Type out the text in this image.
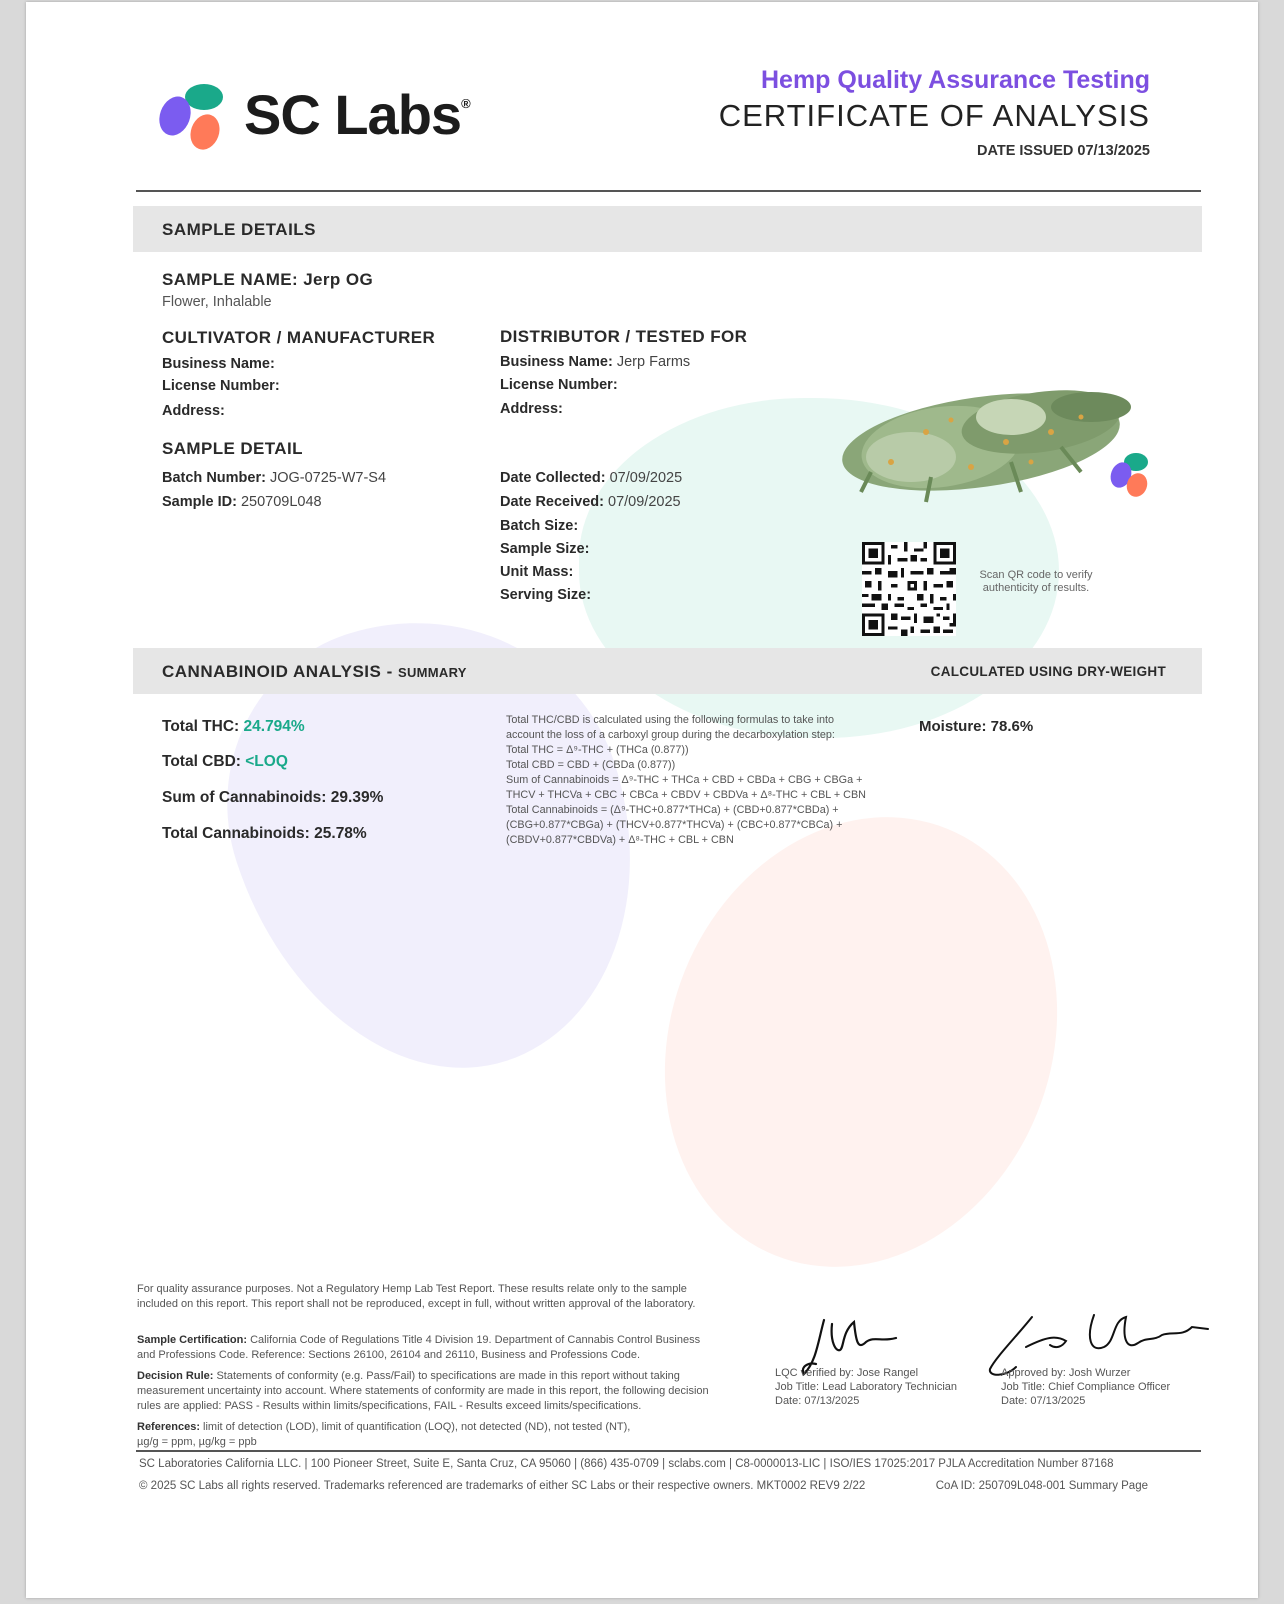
SC Labs®
Hemp Quality Assurance Testing
CERTIFICATE OF ANALYSIS
DATE ISSUED 07/13/2025
SAMPLE DETAILS
SAMPLE NAME: Jerp OG
Flower, Inhalable
CULTIVATOR / MANUFACTURER
Business Name:
License Number:
Address:
DISTRIBUTOR / TESTED FOR
Business Name: Jerp Farms
License Number:
Address:
SAMPLE DETAIL
Batch Number: JOG-0725-W7-S4
Sample ID: 250709L048
Date Collected: 07/09/2025
Date Received: 07/09/2025
Batch Size:
Sample Size:
Unit Mass:
Serving Size:
Scan QR code to verify authenticity of results.
CANNABINOID ANALYSIS - SUMMARY	CALCULATED USING DRY-WEIGHT
Total THC: 24.794%
Total CBD: <LOQ
Sum of Cannabinoids: 29.39%
Total Cannabinoids: 25.78%
Total THC/CBD is calculated using the following formulas to take into
account the loss of a carboxyl group during the decarboxylation step:
Total THC = Δ⁹-THC + (THCa (0.877))
Total CBD = CBD + (CBDa (0.877))
Sum of Cannabinoids = Δ⁹-THC + THCa + CBD + CBDa + CBG + CBGa +
THCV + THCVa + CBC + CBCa + CBDV + CBDVa + Δ⁸-THC + CBL + CBN
Total Cannabinoids = (Δ⁹-THC+0.877*THCa) + (CBD+0.877*CBDa) +
(CBG+0.877*CBGa) + (THCV+0.877*THCVa) + (CBC+0.877*CBCa) +
(CBDV+0.877*CBDVa) + Δ⁸-THC + CBL + CBN
Moisture: 78.6%
For quality assurance purposes. Not a Regulatory Hemp Lab Test Report. These results relate only to the sample included on this report. This report shall not be reproduced, except in full, without written approval of the laboratory.
Sample Certification: California Code of Regulations Title 4 Division 19. Department of Cannabis Control Business and Professions Code. Reference: Sections 26100, 26104 and 26110, Business and Professions Code.
Decision Rule: Statements of conformity (e.g. Pass/Fail) to specifications are made in this report without taking measurement uncertainty into account. Where statements of conformity are made in this report, the following decision rules are applied: PASS - Results within limits/specifications, FAIL - Results exceed limits/specifications.
References: limit of detection (LOD), limit of quantification (LOQ), not detected (ND), not tested (NT),
µg/g = ppm, µg/kg = ppb
LQC verified by: Jose Rangel
Job Title: Lead Laboratory Technician
Date: 07/13/2025
Approved by: Josh Wurzer
Job Title: Chief Compliance Officer
Date: 07/13/2025
SC Laboratories California LLC. | 100 Pioneer Street, Suite E, Santa Cruz, CA 95060 | (866) 435-0709 | sclabs.com | C8-0000013-LIC | ISO/IES 17025:2017 PJLA Accreditation Number 87168
© 2025 SC Labs all rights reserved. Trademarks referenced are trademarks of either SC Labs or their respective owners. MKT0002 REV9 2/22	CoA ID: 250709L048-001 Summary Page
